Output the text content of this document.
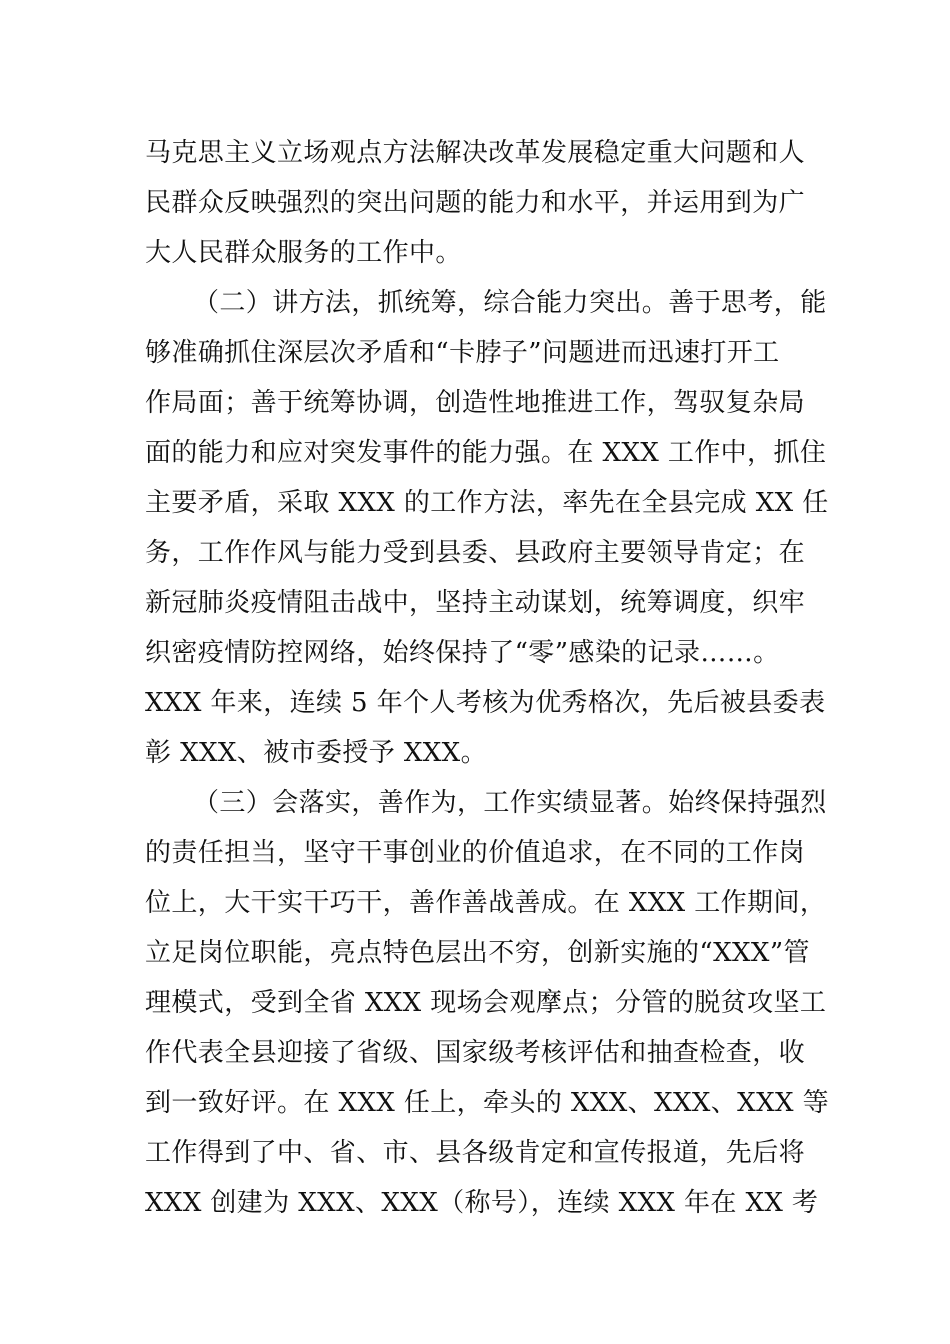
马克思主义立场观点方法解决改革发展稳定重大问题和人
民群众反映强烈的突出问题的能力和水平，并运用到为广
大人民群众服务的工作中。
（二）讲方法，抓统筹，综合能力突出。善于思考，能
够准确抓住深层次矛盾和“卡脖子”问题进而迅速打开工
作局面；善于统筹协调，创造性地推进工作，驾驭复杂局
面的能力和应对突发事件的能力强。在 XXX 工作中，抓住
主要矛盾，采取 XXX 的工作方法，率先在全县完成 XX 任
务，工作作风与能力受到县委、县政府主要领导肯定；在
新冠肺炎疫情阻击战中，坚持主动谋划，统筹调度，织牢
织密疫情防控网络，始终保持了“零”感染的记录……。
XXX 年来，连续 5 年个人考核为优秀格次，先后被县委表
彰 XXX、被市委授予 XXX。
（三）会落实，善作为，工作实绩显著。始终保持强烈
的责任担当，坚守干事创业的价值追求，在不同的工作岗
位上，大干实干巧干，善作善战善成。在 XXX 工作期间，
立足岗位职能，亮点特色层出不穷，创新实施的“XXX”管
理模式，受到全省 XXX 现场会观摩点；分管的脱贫攻坚工
作代表全县迎接了省级、国家级考核评估和抽查检查，收
到一致好评。在 XXX 任上，牵头的 XXX、XXX、XXX 等
工作得到了中、省、市、县各级肯定和宣传报道，先后将
XXX 创建为 XXX、XXX（称号），连续 XXX 年在 XX 考
